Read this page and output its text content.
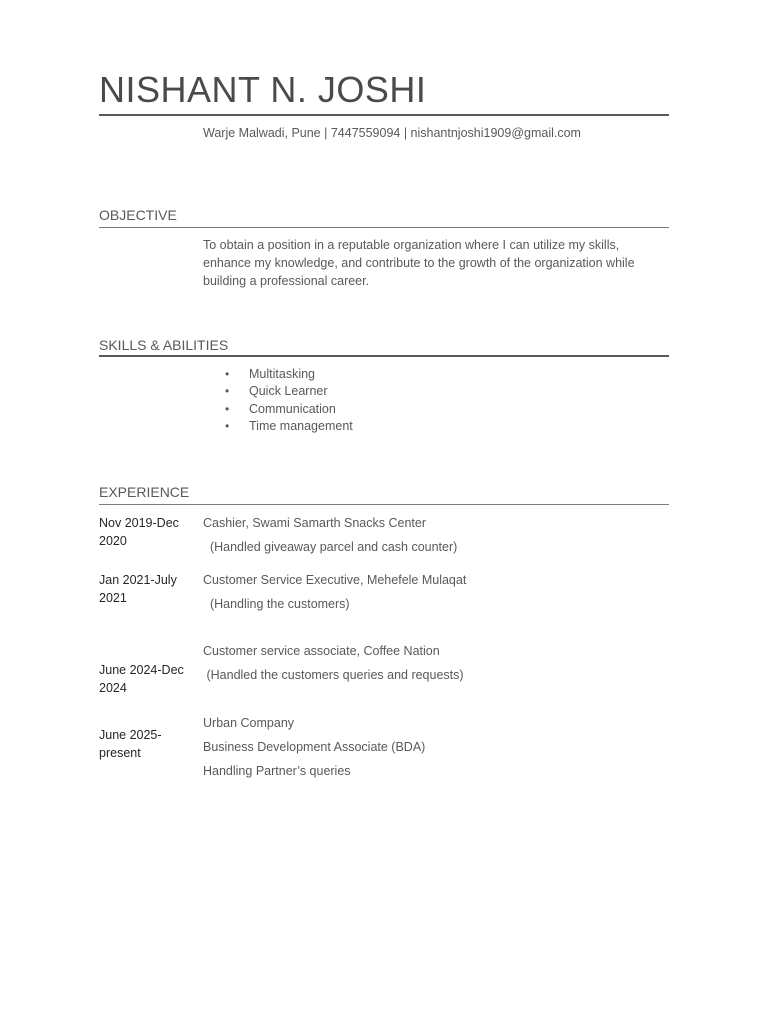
NISHANT N. JOSHI
Warje Malwadi, Pune | 7447559094 | nishantnjoshi1909@gmail.com
OBJECTIVE
To obtain a position in a reputable organization where I can utilize my skills, enhance my knowledge, and contribute to the growth of the organization while building a professional career.
SKILLS & ABILITIES
• Multitasking
• Quick Learner
• Communication
• Time management
EXPERIENCE
Nov 2019-Dec 2020
Cashier, Swami Samarth Snacks Center
(Handled giveaway parcel and cash counter)
Jan 2021-July 2021
Customer Service Executive, Mehefele Mulaqat
(Handling the customers)
Customer service associate, Coffee Nation
(Handled the customers queries and requests)
June 2024-Dec 2024
Urban Company
June 2025-present	Business Development Associate (BDA)
Handling Partner’s queries
